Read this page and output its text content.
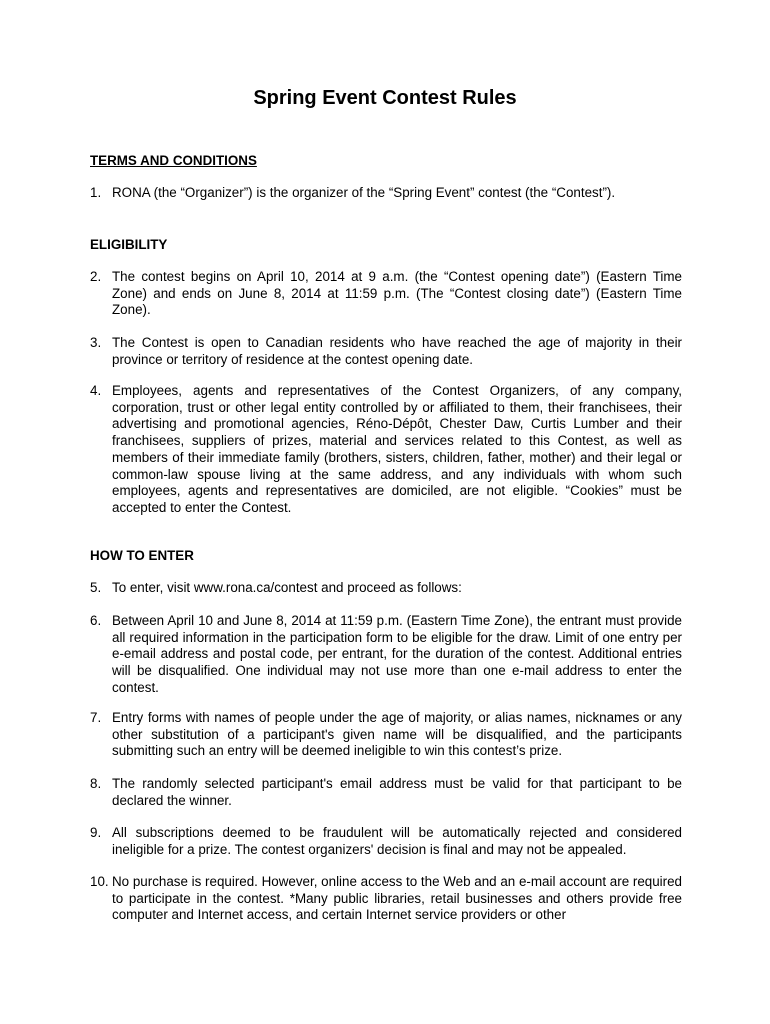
Spring Event Contest Rules
TERMS AND CONDITIONS
1. RONA (the “Organizer”) is the organizer of the “Spring Event” contest (the “Contest”).
ELIGIBILITY
2. The contest begins on April 10, 2014 at 9 a.m. (the “Contest opening date”) (Eastern Time Zone) and ends on June 8, 2014 at 11:59 p.m. (The “Contest closing date”) (Eastern Time Zone).
3. The Contest is open to Canadian residents who have reached the age of majority in their province or territory of residence at the contest opening date.
4. Employees, agents and representatives of the Contest Organizers, of any company, corporation, trust or other legal entity controlled by or affiliated to them, their franchisees, their advertising and promotional agencies, Réno-Dépôt, Chester Daw, Curtis Lumber and their franchisees, suppliers of prizes, material and services related to this Contest, as well as members of their immediate family (brothers, sisters, children, father, mother) and their legal or common-law spouse living at the same address, and any individuals with whom such employees, agents and representatives are domiciled, are not eligible. “Cookies” must be accepted to enter the Contest.
HOW TO ENTER
5. To enter, visit www.rona.ca/contest and proceed as follows:
6. Between April 10 and June 8, 2014 at 11:59 p.m. (Eastern Time Zone), the entrant must provide all required information in the participation form to be eligible for the draw. Limit of one entry per e-email address and postal code, per entrant, for the duration of the contest. Additional entries will be disqualified. One individual may not use more than one e-mail address to enter the contest.
7. Entry forms with names of people under the age of majority, or alias names, nicknames or any other substitution of a participant's given name will be disqualified, and the participants submitting such an entry will be deemed ineligible to win this contest’s prize.
8. The randomly selected participant's email address must be valid for that participant to be declared the winner.
9. All subscriptions deemed to be fraudulent will be automatically rejected and considered ineligible for a prize. The contest organizers' decision is final and may not be appealed.
10. No purchase is required. However, online access to the Web and an e-mail account are required to participate in the contest. *Many public libraries, retail businesses and others provide free computer and Internet access, and certain Internet service providers or other
